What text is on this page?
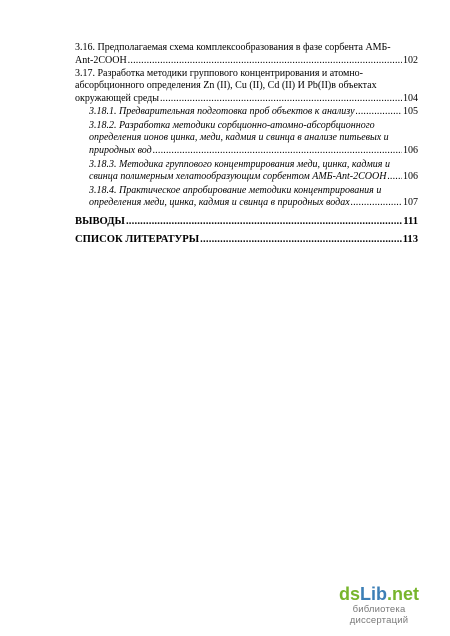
3.16. Предполагаемая схема комплексообразования в фазе сорбента АМБ-
Ant-2COOH .....	102
3.17. Разработка методики группового концентрирования и атомно-
абсорбционного определения Zn (II), Cu (II), Cd (II) И Pb(II)в объектах
окружающей среды .....	104
3.18.1. Предварительная подготовка проб объектов к анализу .....	105
3.18.2. Разработка методики сорбционно-атомно-абсорбционного
определения ионов цинка, меди, кадмия и свинца в анализе питьевых и
природных вод .....	106
3.18.3. Методика группового концентрирования меди, цинка, кадмия и
свинца полимерным хелатообразующим сорбентом АМБ-Ant-2COOH ..... 106
3.18.4. Практическое апробирование методики концентрирования и
определения меди, цинка, кадмия и свинца в природных водах .....	107
ВЫВОДЫ .....	111
СПИСОК ЛИТЕРАТУРЫ .....	113
dsLib.net
библиотека диссертаций
